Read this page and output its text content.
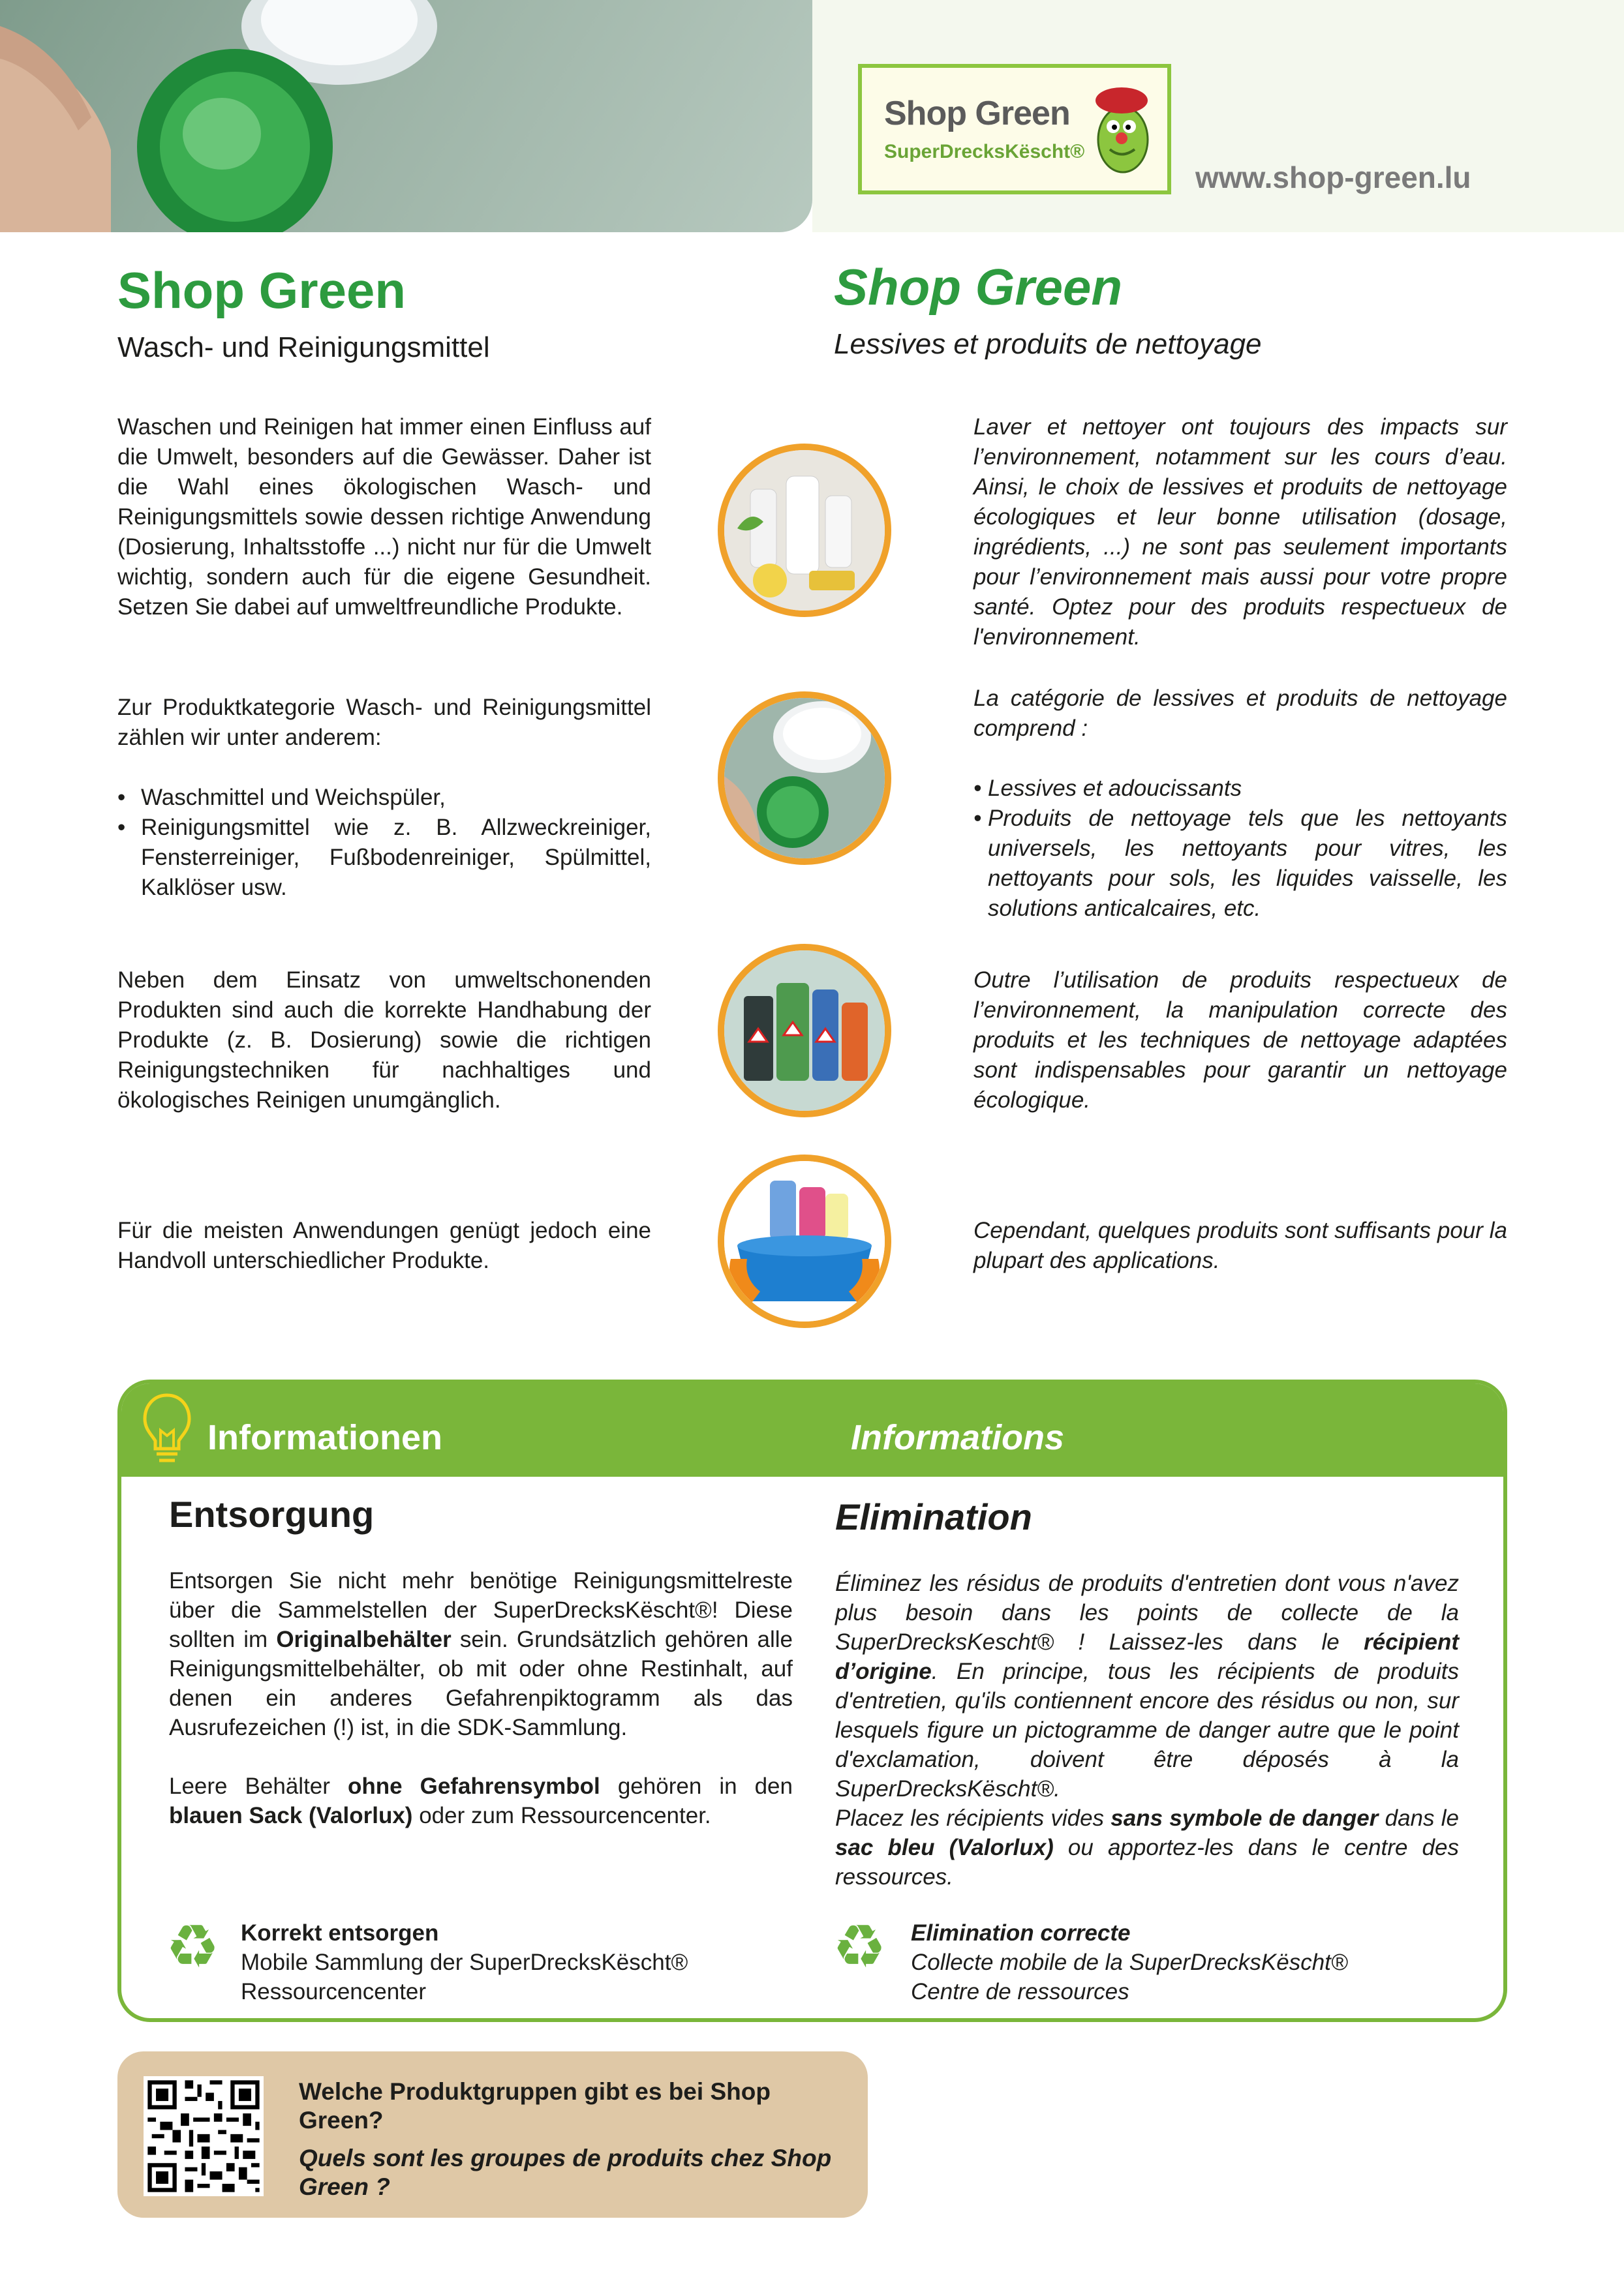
Shop Green
SuperDrecksKëscht®
www.shop-green.lu
Shop Green
Wasch- und Reinigungsmittel

Waschen und Reinigen hat immer einen Einfluss auf die Umwelt, besonders auf die Gewässer. Daher ist die Wahl eines ökologischen Wasch- und Reinigungsmittels sowie dessen richtige Anwendung (Dosierung, Inhaltsstoffe ...) nicht nur für die Umwelt wichtig, sondern auch für die eigene Gesundheit. Setzen Sie dabei auf umweltfreundliche Produkte.

Zur Produktkategorie Wasch- und Reinigungsmittel zählen wir unter anderem:

• Waschmittel und Weichspüler,
• Reinigungsmittel wie z. B. Allzweckreiniger, Fensterreiniger, Fußbodenreiniger, Spülmittel, Kalklöser usw.

Neben dem Einsatz von umweltschonenden Produkten sind auch die korrekte Handhabung der Produkte (z. B. Dosierung) sowie die richtigen Reinigungstechniken für nachhaltiges und ökologisches Reinigen unumgänglich.

Für die meisten Anwendungen genügt jedoch eine Handvoll unterschiedlicher Produkte.

Shop Green
Lessives et produits de nettoyage

Laver et nettoyer ont toujours des impacts sur l’environnement, notamment sur les cours d’eau. Ainsi, le choix de lessives et produits de nettoyage écologiques et leur bonne utilisation (dosage, ingrédients, ...) ne sont pas seulement importants pour l’environnement mais aussi pour votre propre santé. Optez pour des produits respectueux de l'environnement.

La catégorie de lessives et produits de nettoyage comprend :

• Lessives et adoucissants
• Produits de nettoyage tels que les nettoyants universels, les nettoyants pour vitres, les nettoyants pour sols, les liquides vaisselle, les solutions anticalcaires, etc.

Outre l’utilisation de produits respectueux de l’environnement, la manipulation correcte des produits et les techniques de nettoyage adaptées sont indispensables pour garantir un nettoyage écologique.

Cependant, quelques produits sont suffisants pour la plupart des applications.

Informationen	Informations
Entsorgung	Elimination

Entsorgen Sie nicht mehr benötige Reinigungsmittelreste über die Sammelstellen der SuperDrecksKëscht®! Diese sollten im Originalbehälter sein. Grundsätzlich gehören alle Reinigungsmittelbehälter, ob mit oder ohne Restinhalt, auf denen ein anderes Gefahrenpiktogramm als das Ausrufezeichen (!) ist, in die SDK-Sammlung.

Leere Behälter ohne Gefahrensymbol gehören in den blauen Sack (Valorlux) oder zum Ressourcencenter.

Éliminez les résidus de produits d'entretien dont vous n'avez plus besoin dans les points de collecte de la SuperDrecksKescht® ! Laissez-les dans le récipient d’origine. En principe, tous les récipients de produits d'entretien, qu'ils contiennent encore des résidus ou non, sur lesquels figure un pictogramme de danger autre que le point d'exclamation, doivent être déposés à la SuperDrecksKëscht®.

Placez les récipients vides sans symbole de danger dans le sac bleu (Valorlux) ou apportez-les dans le centre des ressources.

♻ Korrekt entsorgen
Mobile Sammlung der SuperDrecksKëscht®
Ressourcencenter
♻ Elimination correcte
Collecte mobile de la SuperDrecksKëscht®
Centre de ressources
Welche Produktgruppen gibt es bei Shop Green?
Quels sont les groupes de produits chez Shop Green ?
